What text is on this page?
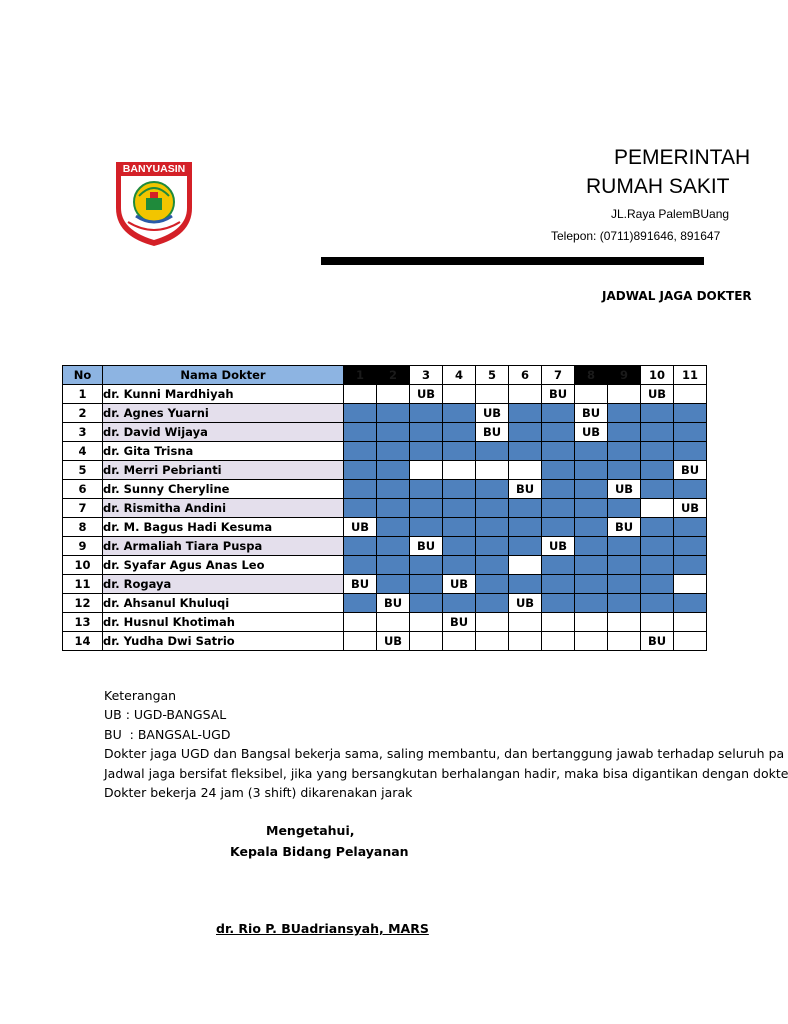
BANYUASIN	PEMERINTAH
RUMAH SAKIT
JL.Raya PalemBUang
Telepon: (0711)891646, 891647
JADWAL JAGA DOKTER
No	Nama Dokter	1	2	3	4	5	6	7	8	9	10	11
1	dr. Kunni Mardhiyah			UB				BU			UB	
2	dr. Agnes Yuarni					UB			BU			
3	dr. David Wijaya					BU			UB			
4	dr. Gita Trisna											
5	dr. Merri Pebrianti											BU
6	dr. Sunny Cheryline						BU			UB		
7	dr. Rismitha Andini											UB
8	dr. M. Bagus Hadi Kesuma	UB								BU		
9	dr. Armaliah Tiara Puspa			BU				UB				
10	dr. Syafar Agus Anas Leo											
11	dr. Rogaya	BU			UB							
12	dr. Ahsanul Khuluqi		BU				UB					
13	dr. Husnul Khotimah				BU							
14	dr. Yudha Dwi Satrio		UB								BU	
Keterangan
UB : UGD-BANGSAL
BU  : BANGSAL-UGD
Dokter jaga UGD dan Bangsal bekerja sama, saling membantu, dan bertanggung jawab terhadap seluruh pa
Jadwal jaga bersifat fleksibel, jika yang bersangkutan berhalangan hadir, maka bisa digantikan dengan dokte
Dokter bekerja 24 jam (3 shift) dikarenakan jarak
Mengetahui,
Kepala Bidang Pelayanan
dr. Rio P. BUadriansyah, MARS
